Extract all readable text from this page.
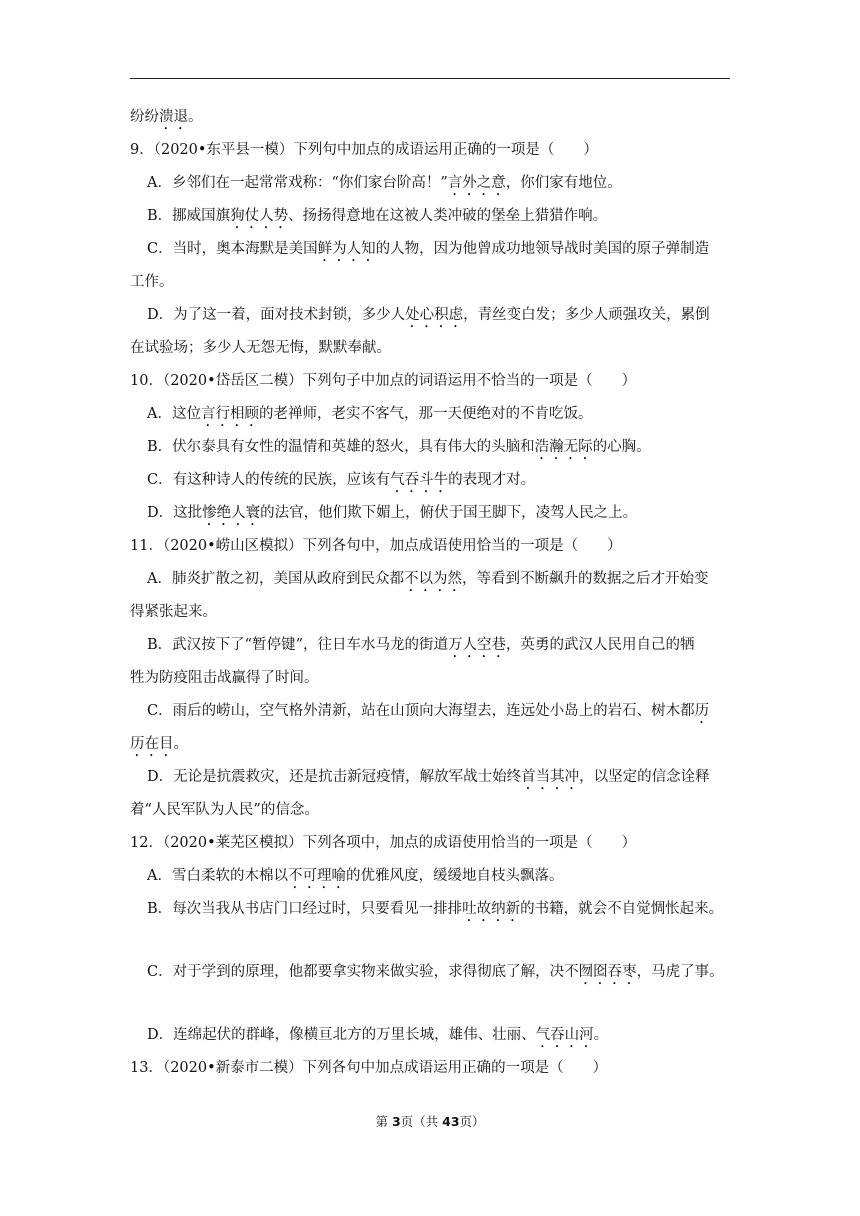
纷纷溃退。
9．（2020•东平县一模）下列句中加点的成语运用正确的一项是（　　）
A．乡邻们在一起常常戏称：“你们家台阶高！”言外之意，你们家有地位。
B．挪威国旗狗仗人势、扬扬得意地在这被人类冲破的堡垒上猎猎作响。
C．当时，奥本海默是美国鲜为人知的人物，因为他曾成功地领导战时美国的原子弹制造
工作。
D．为了这一着，面对技术封锁，多少人处心积虑，青丝变白发；多少人顽强攻关，累倒
在试验场；多少人无怨无悔，默默奉献。
10．（2020•岱岳区二模）下列句子中加点的词语运用不恰当的一项是（　　）
A．这位言行相顾的老禅师，老实不客气，那一天便绝对的不肯吃饭。
B．伏尔泰具有女性的温情和英雄的怒火，具有伟大的头脑和浩瀚无际的心胸。
C．有这种诗人的传统的民族，应该有气吞斗牛的表现才对。
D．这批惨绝人寰的法官，他们欺下媚上，俯伏于国王脚下，凌驾人民之上。
11．（2020•崂山区模拟）下列各句中，加点成语使用恰当的一项是（　　）
A．肺炎扩散之初，美国从政府到民众都不以为然，等看到不断飙升的数据之后才开始变
得紧张起来。
B．武汉按下了“暂停键”，往日车水马龙的街道万人空巷，英勇的武汉人民用自己的牺
牲为防疫阻击战赢得了时间。
C．雨后的崂山，空气格外清新，站在山顶向大海望去，连远处小岛上的岩石、树木都历
历在目。
D．无论是抗震救灾，还是抗击新冠疫情，解放军战士始终首当其冲，以坚定的信念诠释
着“人民军队为人民”的信念。
12．（2020•莱芜区模拟）下列各项中，加点的成语使用恰当的一项是（　　）
A．雪白柔软的木棉以不可理喻的优雅风度，缓缓地自枝头飘落。
B．每次当我从书店门口经过时，只要看见一排排吐故纳新的书籍，就会不自觉惆怅起来。
C．对于学到的原理，他都要拿实物来做实验，求得彻底了解，决不囫囵吞枣，马虎了事。
D．连绵起伏的群峰，像横亘北方的万里长城，雄伟、壮丽、气吞山河。
13．（2020•新泰市二模）下列各句中加点成语运用正确的一项是（　　）
第 3页（共 43页）
